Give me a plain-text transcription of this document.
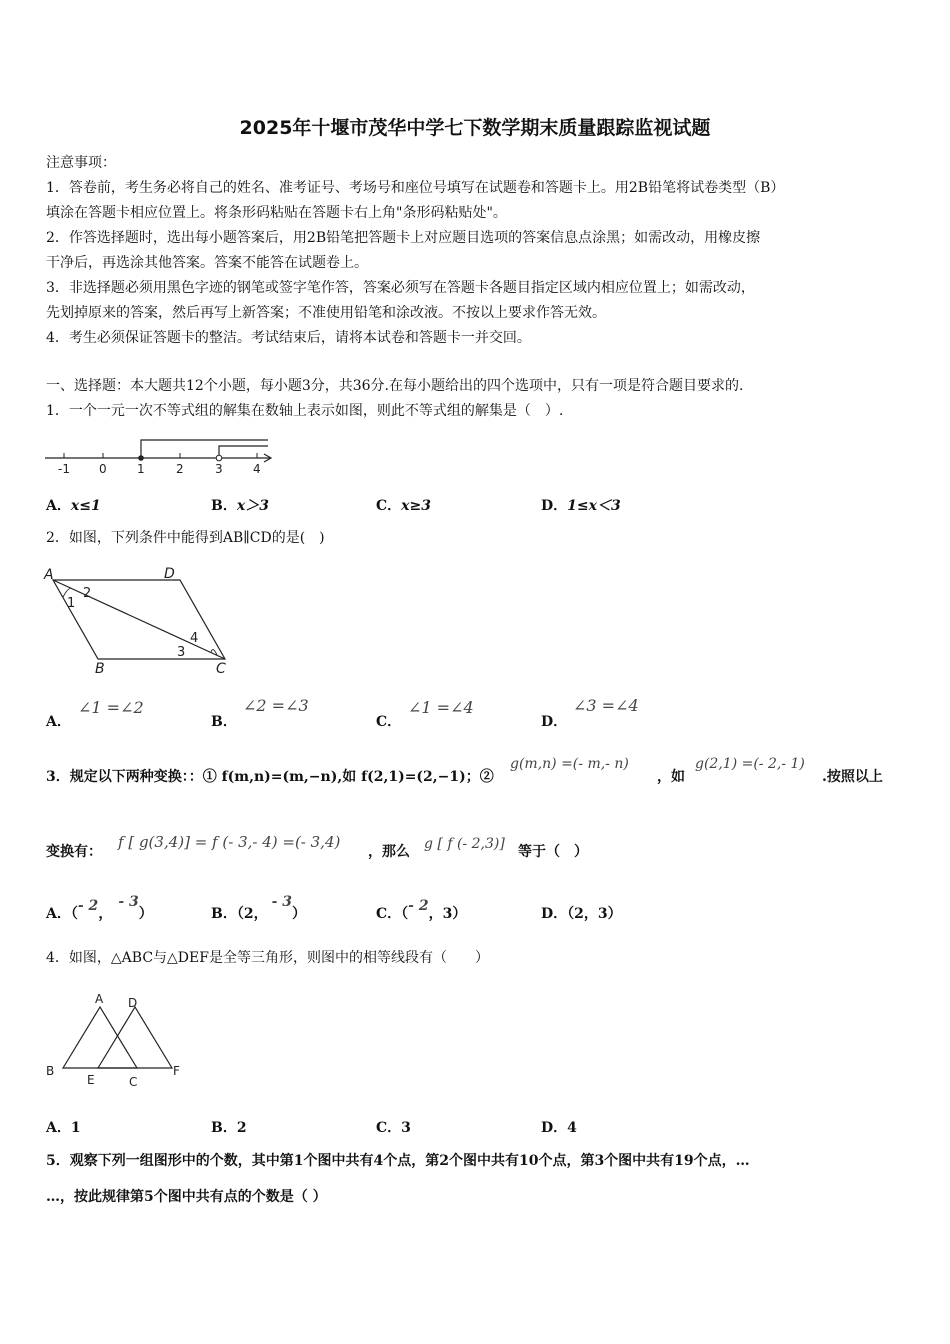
2025年十堰市茂华中学七下数学期末质量跟踪监视试题
注意事项：
1．答卷前，考生务必将自己的姓名、准考证号、考场号和座位号填写在试题卷和答题卡上。用2B铅笔将试卷类型（B）
填涂在答题卡相应位置上。将条形码粘贴在答题卡右上角"条形码粘贴处"。
2．作答选择题时，选出每小题答案后，用2B铅笔把答题卡上对应题目选项的答案信息点涂黑；如需改动，用橡皮擦
干净后，再选涂其他答案。答案不能答在试题卷上。
3．非选择题必须用黑色字迹的钢笔或签字笔作答，答案必须写在答题卡各题目指定区域内相应位置上；如需改动，
先划掉原来的答案，然后再写上新答案；不准使用铅笔和涂改液。不按以上要求作答无效。
4．考生必须保证答题卡的整洁。考试结束后，请将本试卷和答题卡一并交回。
一、选择题：本大题共12个小题，每小题3分，共36分.在每小题给出的四个选项中，只有一项是符合题目要求的.
1．一个一元一次不等式组的解集在数轴上表示如图，则此不等式组的解集是（　）.
-1 0	1	2	3	4
A．x≤1	B．x＞3	C．x≥3	D．1≤x＜3
2．如图，下列条件中能得到AB∥CD的是(　)
A	D
B	C
1
2
3
4
A．
∠1 =∠2
B．
∠2 =∠3
C．
∠1 =∠4
D．
∠3 =∠4
3．规定以下两种变换：：① f(m,n)=(m,−n),如 f(2,1)=(2,−1)；②
g(m,n) =(- m,- n)
，如
g(2,1) =(- 2,- 1)
.按照以上
变换有：
f [ g(3,4)] = f (- 3,- 4) =(- 3,4)
，那么 g [ f (- 2,3)] 等于（　）
A．（- 2，- 3）	B．（2，- 3）	C．（- 2，3）	D．（2，3）
4．如图，△ABC与△DEF是全等三角形，则图中的相等线段有（　　）
A D
B
E	C
F
A．1	B．2	C．3	D．4
5．观察下列一组图形中的个数，其中第1个图中共有4个点，第2个图中共有10个点，第3个图中共有19个点，…
…，按此规律第5个图中共有点的个数是（ ）
